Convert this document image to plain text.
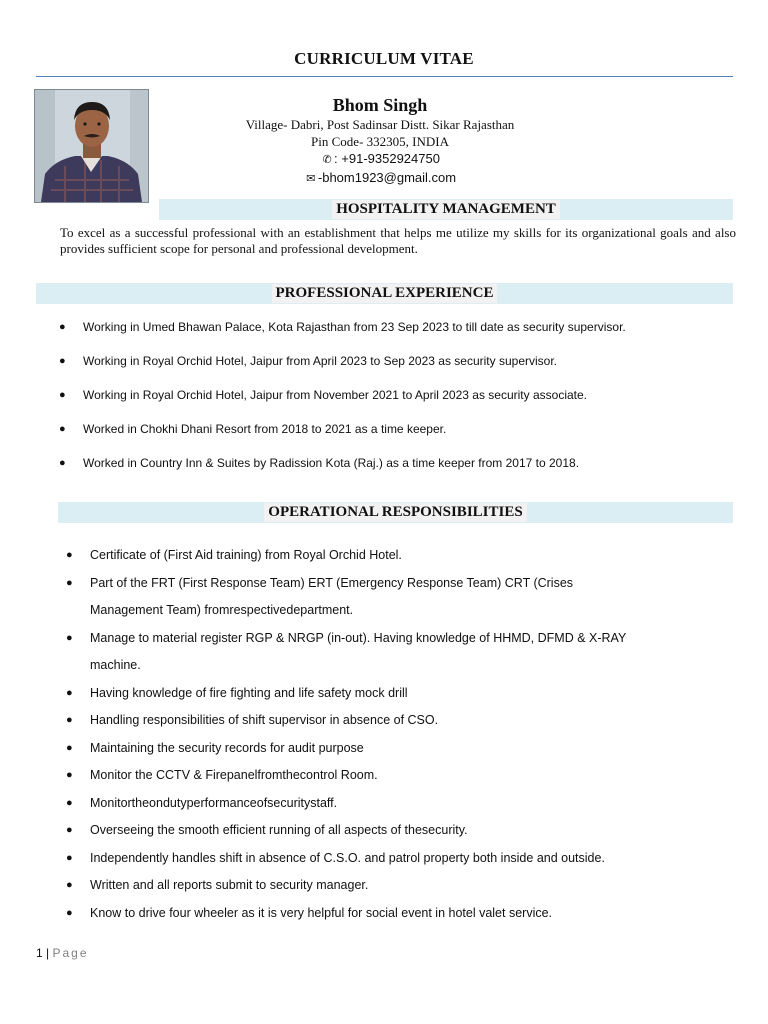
CURRICULUM VITAE
Bhom Singh
Village- Dabri, Post Sadinsar Distt. Sikar Rajasthan
Pin Code- 332305, INDIA
✆ : +91-9352924750
✉ -bhom1923@gmail.com
HOSPITALITY MANAGEMENT
To excel as a successful professional with an establishment that helps me utilize my skills for its organizational goals and also provides sufficient scope for personal and professional development.
PROFESSIONAL EXPERIENCE
● Working in Umed Bhawan Palace, Kota Rajasthan from 23 Sep 2023 to till date as security supervisor.
● Working in Royal Orchid Hotel, Jaipur from April 2023 to Sep 2023 as security supervisor.
● Working in Royal Orchid Hotel, Jaipur from November 2021 to April 2023 as security associate.
● Worked in Chokhi Dhani Resort from 2018 to 2021 as a time keeper.
● Worked in Country Inn & Suites by Radission Kota (Raj.) as a time keeper from 2017 to 2018.
OPERATIONAL RESPONSIBILITIES
● Certificate of (First Aid training) from Royal Orchid Hotel.
● Part of the FRT (First Response Team) ERT (Emergency Response Team) CRT (Crises
Management Team) fromrespectivedepartment.
● Manage to material register RGP & NRGP (in-out). Having knowledge of HHMD, DFMD & X-RAY
machine.
● Having knowledge of fire fighting and life safety mock drill
● Handling responsibilities of shift supervisor in absence of CSO.
● Maintaining the security records for audit purpose
● Monitor the CCTV & Firepanelfromthecontrol Room.
● Monitortheondutyperformanceofsecuritystaff.
● Overseeing the smooth efficient running of all aspects of thesecurity.
● Independently handles shift in absence of C.S.O. and patrol property both inside and outside.
● Written and all reports submit to security manager.
● Know to drive four wheeler as it is very helpful for social event in hotel valet service.
1 | Page
